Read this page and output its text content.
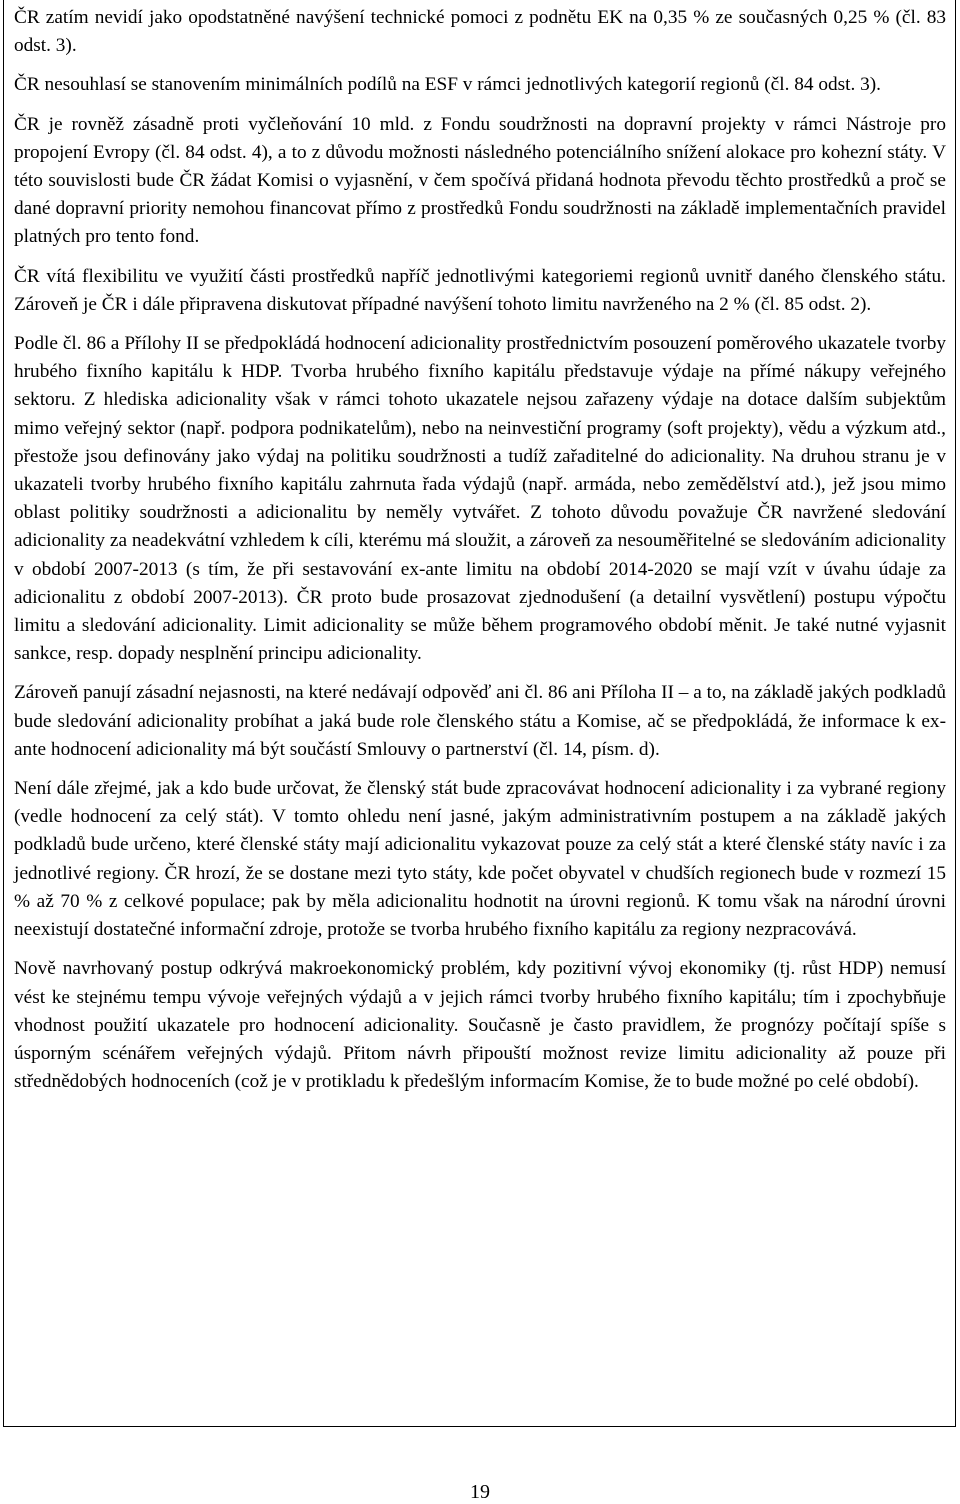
ČR zatím nevidí jako opodstatněné navýšení technické pomoci z podnětu EK na 0,35 % ze současných 0,25 % (čl. 83 odst. 3).

ČR nesouhlasí se stanovením minimálních podílů na ESF v rámci jednotlivých kategorií regionů (čl. 84 odst. 3).

ČR je rovněž zásadně proti vyčleňování 10 mld. z Fondu soudržnosti na dopravní projekty v rámci Nástroje pro propojení Evropy (čl. 84 odst. 4), a to z důvodu možnosti následného potenciálního snížení alokace pro kohezní státy. V této souvislosti bude ČR žádat Komisi o vyjasnění, v čem spočívá přidaná hodnota převodu těchto prostředků a proč se dané dopravní priority nemohou financovat přímo z prostředků Fondu soudržnosti na základě implementačních pravidel platných pro tento fond.

ČR vítá flexibilitu ve využití části prostředků napříč jednotlivými kategoriemi regionů uvnitř daného členského státu. Zároveň je ČR i dále připravena diskutovat případné navýšení tohoto limitu navrženého na 2 % (čl. 85 odst. 2).

Podle čl. 86 a Přílohy II se předpokládá hodnocení adicionality prostřednictvím posouzení poměrového ukazatele tvorby hrubého fixního kapitálu k HDP. Tvorba hrubého fixního kapitálu představuje výdaje na přímé nákupy veřejného sektoru. Z hlediska adicionality však v rámci tohoto ukazatele nejsou zařazeny výdaje na dotace dalším subjektům mimo veřejný sektor (např. podpora podnikatelům), nebo na neinvestiční programy (soft projekty), vědu a výzkum atd., přestože jsou definovány jako výdaj na politiku soudržnosti a tudíž zařaditelné do adicionality. Na druhou stranu je v ukazateli tvorby hrubého fixního kapitálu zahrnuta řada výdajů (např. armáda, nebo zemědělství atd.), jež jsou mimo oblast politiky soudržnosti a adicionalitu by neměly vytvářet. Z tohoto důvodu považuje ČR navržené sledování adicionality za neadekvátní vzhledem k cíli, kterému má sloužit, a zároveň za nesouměřitelné se sledováním adicionality v období 2007-2013 (s tím, že při sestavování ex-ante limitu na období 2014-2020 se mají vzít v úvahu údaje za adicionalitu z období 2007-2013). ČR proto bude prosazovat zjednodušení (a detailní vysvětlení) postupu výpočtu limitu a sledování adicionality. Limit adicionality se může během programového období měnit. Je také nutné vyjasnit sankce, resp. dopady nesplnění principu adicionality.

Zároveň panují zásadní nejasnosti, na které nedávají odpověď ani čl. 86 ani Příloha II – a to, na základě jakých podkladů bude sledování adicionality probíhat a jaká bude role členského státu a Komise, ač se předpokládá, že informace k ex-ante hodnocení adicionality má být součástí Smlouvy o partnerství (čl. 14, písm. d).

Není dále zřejmé, jak a kdo bude určovat, že členský stát bude zpracovávat hodnocení adicionality i za vybrané regiony (vedle hodnocení za celý stát). V tomto ohledu není jasné, jakým administrativním postupem a na základě jakých podkladů bude určeno, které členské státy mají adicionalitu vykazovat pouze za celý stát a které členské státy navíc i za jednotlivé regiony. ČR hrozí, že se dostane mezi tyto státy, kde počet obyvatel v chudších regionech bude v rozmezí 15 % až 70 % z celkové populace; pak by měla adicionalitu hodnotit na úrovni regionů. K tomu však na národní úrovni neexistují dostatečné informační zdroje, protože se tvorba hrubého fixního kapitálu za regiony nezpracovává.

Nově navrhovaný postup odkrývá makroekonomický problém, kdy pozitivní vývoj ekonomiky (tj. růst HDP) nemusí vést ke stejnému tempu vývoje veřejných výdajů a v jejich rámci tvorby hrubého fixního kapitálu; tím i zpochybňuje vhodnost použití ukazatele pro hodnocení adicionality. Současně je často pravidlem, že prognózy počítají spíše s úsporným scénářem veřejných výdajů. Přitom návrh připouští možnost revize limitu adicionality až pouze při střednědobých hodnoceních (což je v protikladu k předešlým informacím Komise, že to bude možné po celé období).

19
